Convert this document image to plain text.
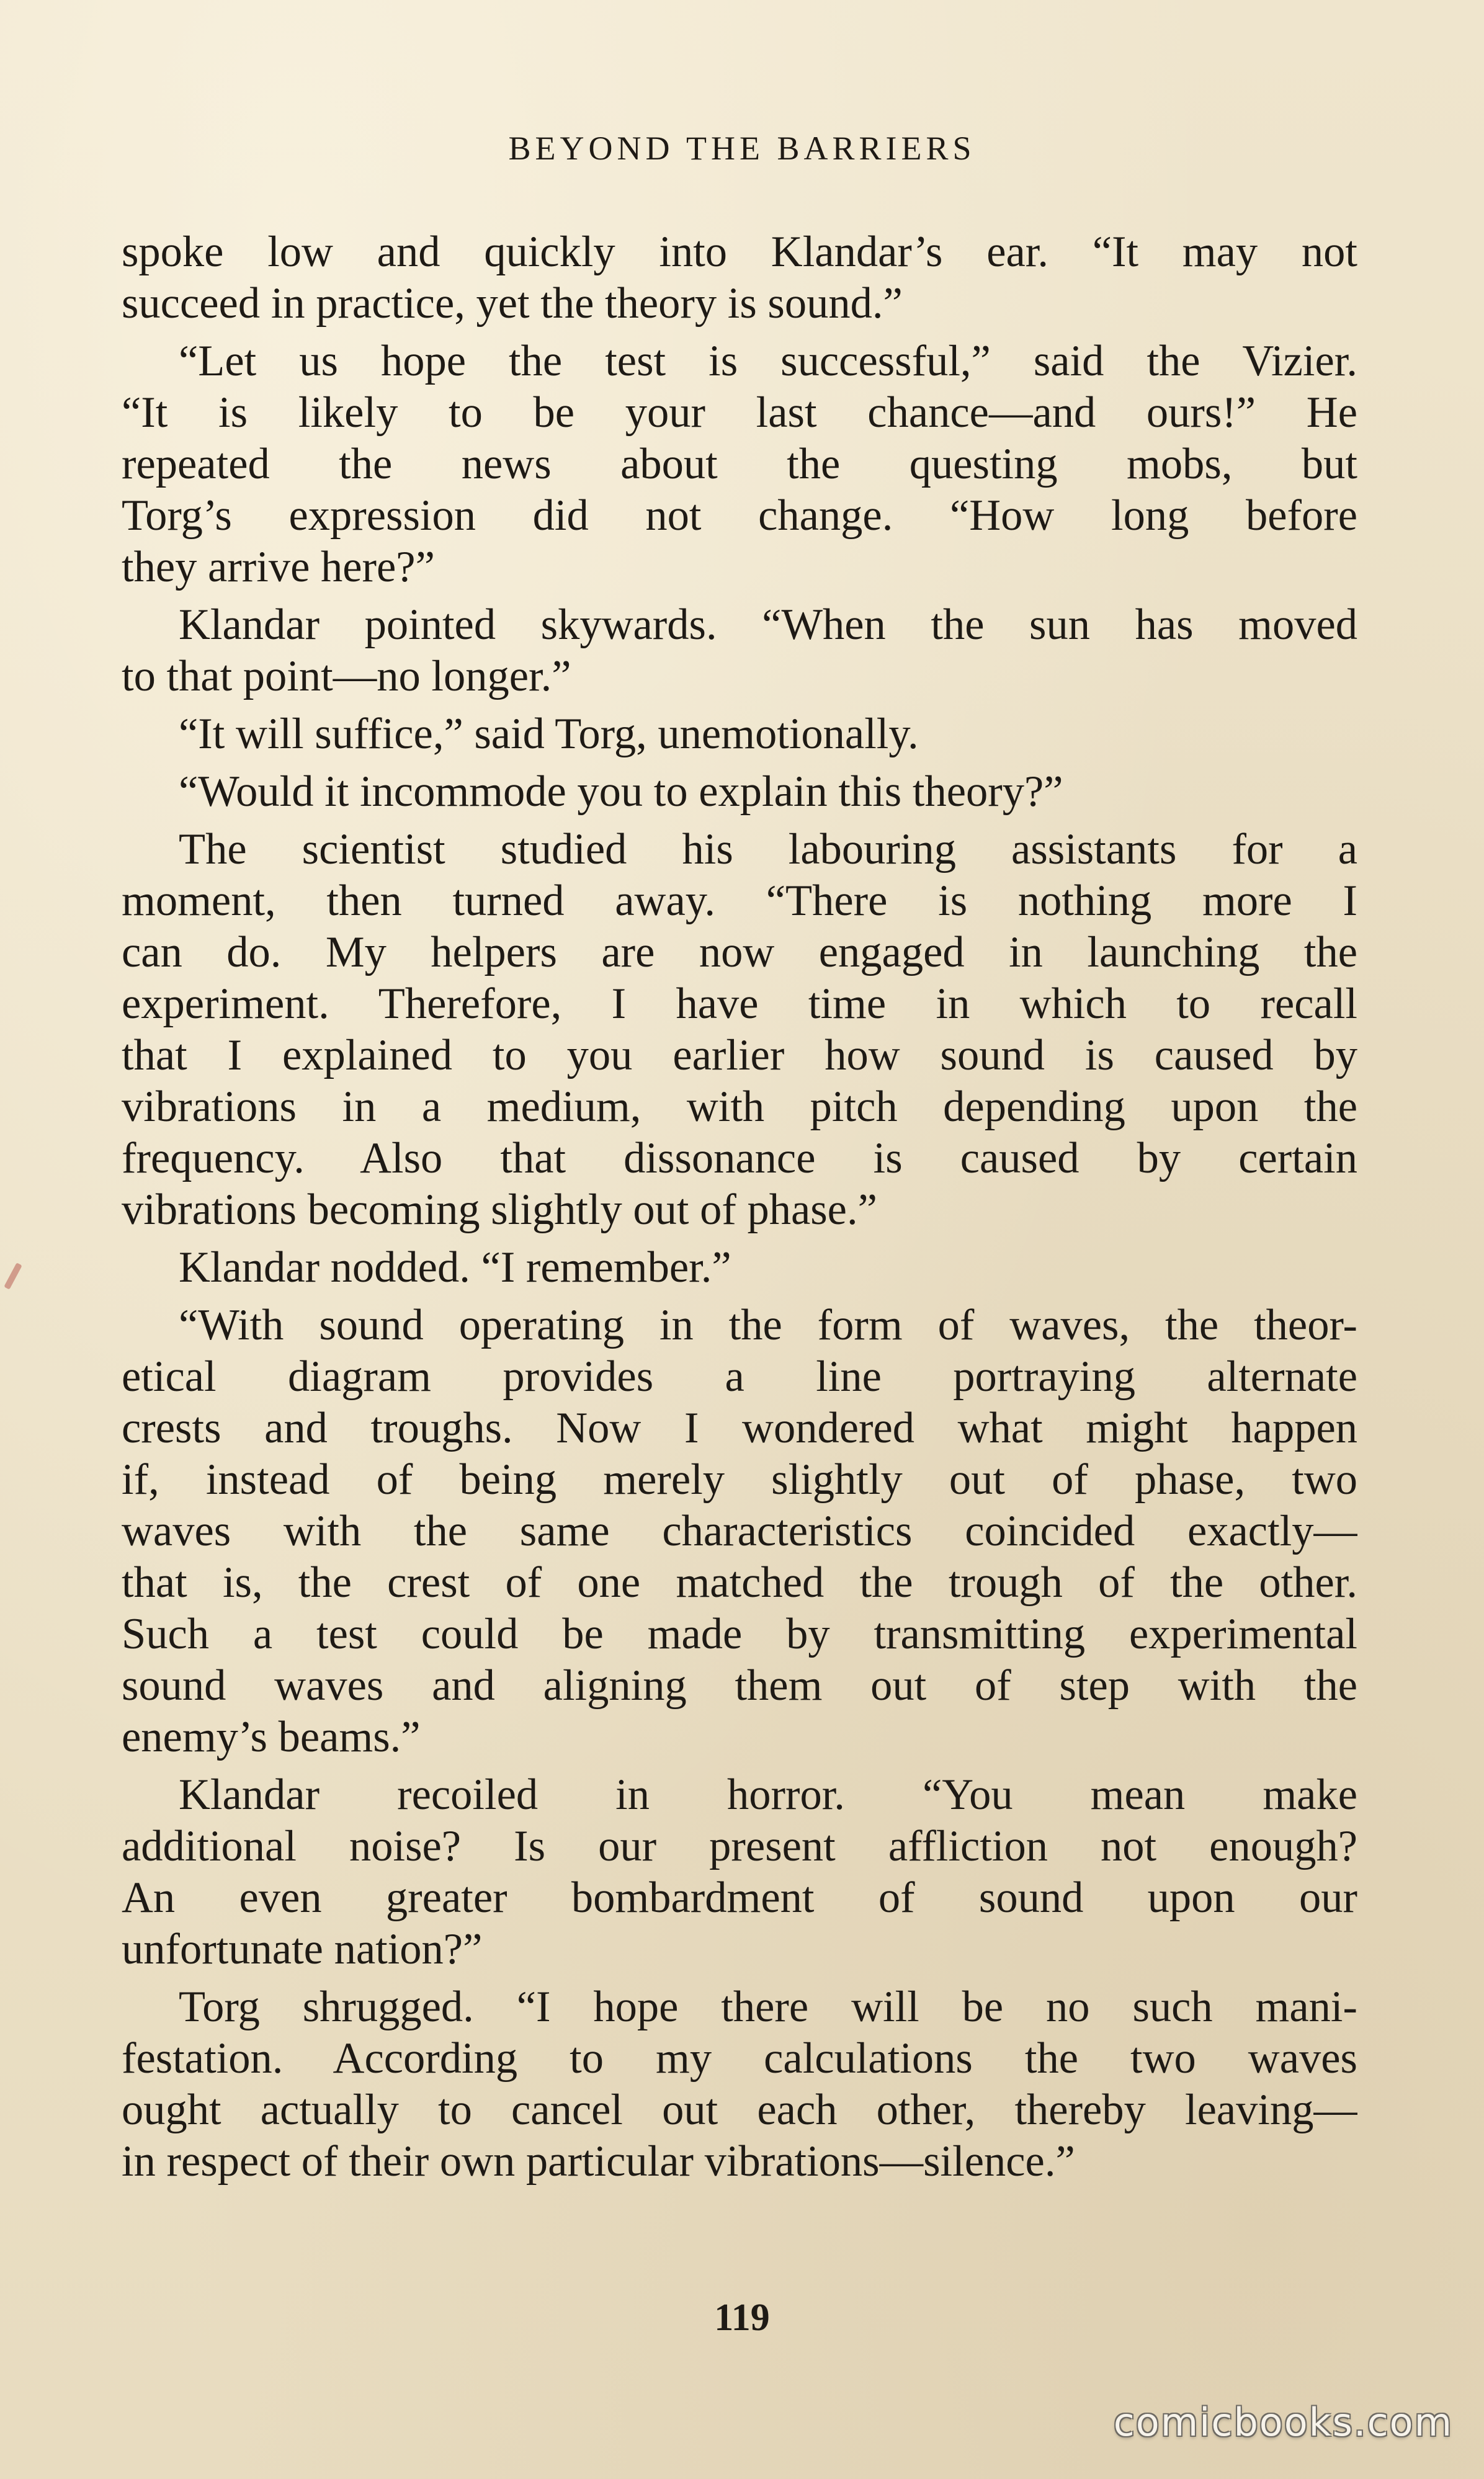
BEYOND THE BARRIERS
spoke low and quickly into Klandar’s ear. “It may not
succeed in practice, yet the theory is sound.”
“Let us hope the test is successful,” said the Vizier.
“It is likely to be your last chance—and ours!” He
repeated the news about the questing mobs, but
Torg’s expression did not change. “How long before
they arrive here?”
Klandar pointed skywards. “When the sun has moved
to that point—no longer.”
“It will suffice,” said Torg, unemotionally.
“Would it incommode you to explain this theory?”
The scientist studied his labouring assistants for a
moment, then turned away. “There is nothing more I
can do. My helpers are now engaged in launching the
experiment. Therefore, I have time in which to recall
that I explained to you earlier how sound is caused by
vibrations in a medium, with pitch depending upon the
frequency. Also that dissonance is caused by certain
vibrations becoming slightly out of phase.”
Klandar nodded. “I remember.”
“With sound operating in the form of waves, the theor-
etical diagram provides a line portraying alternate
crests and troughs. Now I wondered what might happen
if, instead of being merely slightly out of phase, two
waves with the same characteristics coincided exactly—
that is, the crest of one matched the trough of the other.
Such a test could be made by transmitting experimental
sound waves and aligning them out of step with the
enemy’s beams.”
Klandar recoiled in horror. “You mean make
additional noise? Is our present affliction not enough?
An even greater bombardment of sound upon our
unfortunate nation?”
Torg shrugged. “I hope there will be no such mani-
festation. According to my calculations the two waves
ought actually to cancel out each other, thereby leaving—
in respect of their own particular vibrations—silence.”
119
comicbooks.com
